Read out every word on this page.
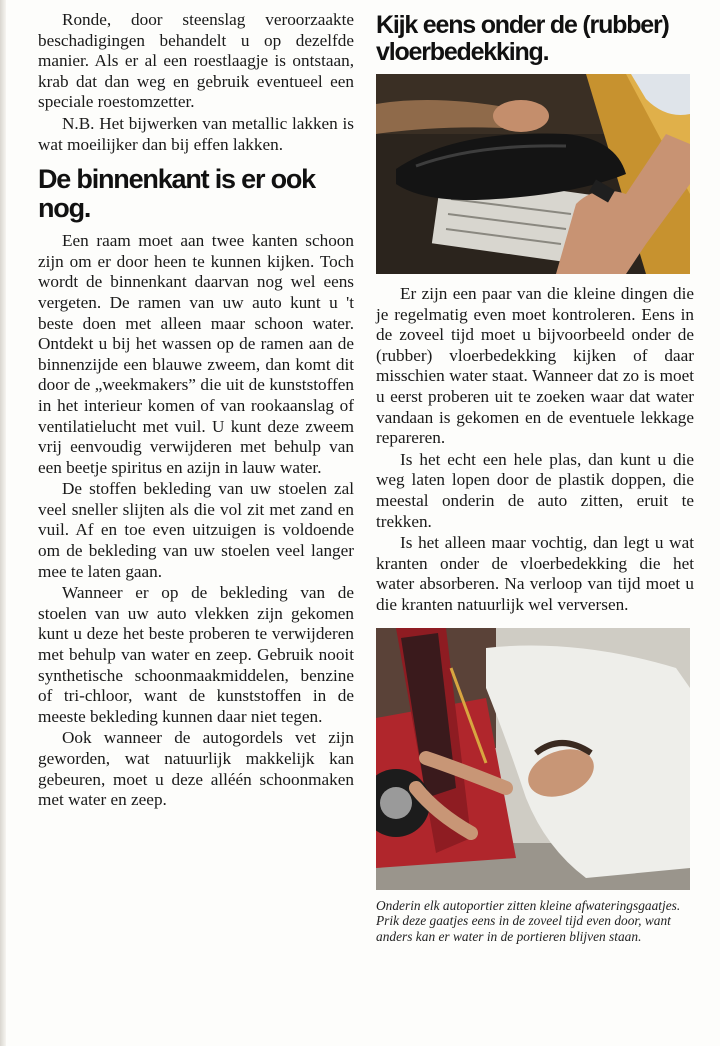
Ronde, door steenslag veroorzaakte beschadigingen behandelt u op dezelfde manier. Als er al een roestlaagje is ontstaan, krab dat dan weg en gebruik eventueel een speciale roestomzetter.

N.B. Het bijwerken van metallic lakken is wat moeilijker dan bij effen lakken.

De binnenkant is er ook nog.

Een raam moet aan twee kanten schoon zijn om er door heen te kunnen kijken. Toch wordt de binnenkant daarvan nog wel eens vergeten. De ramen van uw auto kunt u 't beste doen met alleen maar schoon water. Ontdekt u bij het wassen op de ramen aan de binnenzijde een blauwe zweem, dan komt dit door de „weekmakers” die uit de kunststoffen in het interieur komen of van rookaanslag of ventilatielucht met vuil. U kunt deze zweem vrij eenvoudig verwijderen met behulp van een beetje spiritus en azijn in lauw water.

De stoffen bekleding van uw stoelen zal veel sneller slijten als die vol zit met zand en vuil. Af en toe even uitzuigen is voldoende om de bekleding van uw stoelen veel langer mee te laten gaan.

Wanneer er op de bekleding van de stoelen van uw auto vlekken zijn gekomen kunt u deze het beste proberen te verwijderen met behulp van water en zeep. Gebruik nooit synthetische schoonmaakmiddelen, benzine of tri-chloor, want de kunststoffen in de meeste bekleding kunnen daar niet tegen.

Ook wanneer de autogordels vet zijn geworden, wat natuurlijk makkelijk kan gebeuren, moet u deze alléén schoonmaken met water en zeep.

Kijk eens onder de (rubber) vloerbedekking.

Er zijn een paar van die kleine dingen die je regelmatig even moet kontroleren. Eens in de zoveel tijd moet u bijvoorbeeld onder de (rubber) vloerbedekking kijken of daar misschien water staat. Wanneer dat zo is moet u eerst proberen uit te zoeken waar dat water vandaan is gekomen en de eventuele lekkage repareren.

Is het echt een hele plas, dan kunt u die weg laten lopen door de plastik doppen, die meestal onderin de auto zitten, eruit te trekken.

Is het alleen maar vochtig, dan legt u wat kranten onder de vloerbedekking die het water absorberen. Na verloop van tijd moet u die kranten natuurlijk wel verversen.

Onderin elk autoportier zitten kleine afwateringsgaatjes. Prik deze gaatjes eens in de zoveel tijd even door, want anders kan er water in de portieren blijven staan.
